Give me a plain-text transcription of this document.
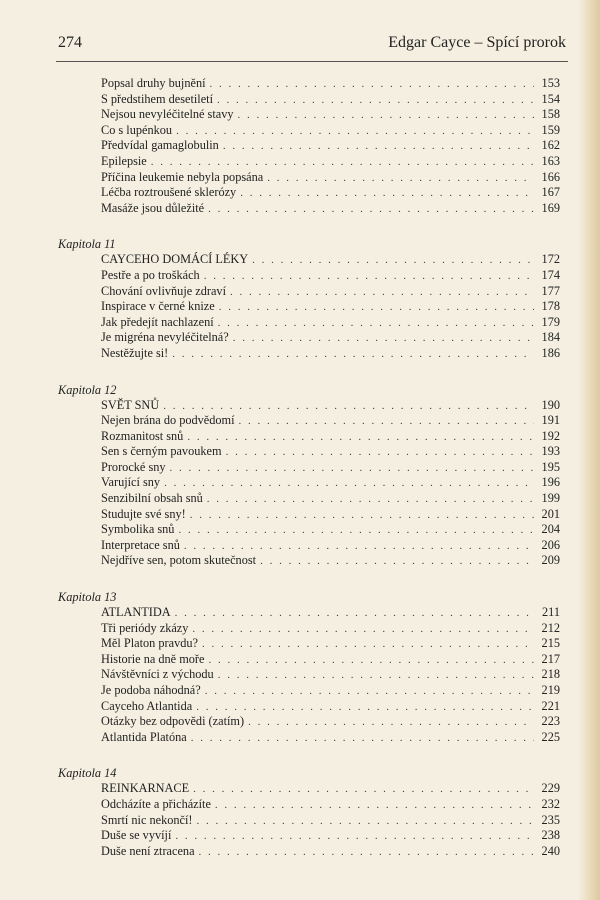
274	Edgar Cayce – Spící prorok
Popsal druhy bujnění . . .	153
S předstihem desetiletí . . .	154
Nejsou nevyléčitelné stavy . . .	158
Co s lupénkou . . .	159
Předvídal gamaglobulin . . .	162
Epilepsie . . .	163
Příčina leukemie nebyla popsána . . .	166
Léčba roztroušené sklerózy . . .	167
Masáže jsou důležité . . .	169
Kapitola 11
CAYCEHO DOMÁCÍ LÉKY . . .	172
Pestře a po troškách . . .	174
Chování ovlivňuje zdraví . . .	177
Inspirace v černé knize . . .	178
Jak předejít nachlazení . . .	179
Je migréna nevyléčitelná? . . .	184
Nestěžujte si! . . .	186
Kapitola 12
SVĚT SNŮ . . .	190
Nejen brána do podvědomí . . .	191
Rozmanitost snů . . .	192
Sen s černým pavoukem . . .	193
Prorocké sny . . .	195
Varující sny . . .	196
Senzibilní obsah snů . . .	199
Studujte své sny! . . .	201
Symbolika snů . . .	204
Interpretace snů . . .	206
Nejdříve sen, potom skutečnost . . .	209
Kapitola 13
ATLANTIDA . . .	211
Tři periódy zkázy . . .	212
Měl Platon pravdu? . . .	215
Historie na dně moře . . .	217
Návštěvníci z východu . . .	218
Je podoba náhodná? . . .	219
Cayceho Atlantida . . .	221
Otázky bez odpovědi (zatím) . . .	223
Atlantida Platóna . . .	225
Kapitola 14
REINKARNACE . . .	229
Odcházíte a přicházíte . . .	232
Smrtí nic nekončí! . . .	235
Duše se vyvíjí . . .	238
Duše není ztracena . . .	240
